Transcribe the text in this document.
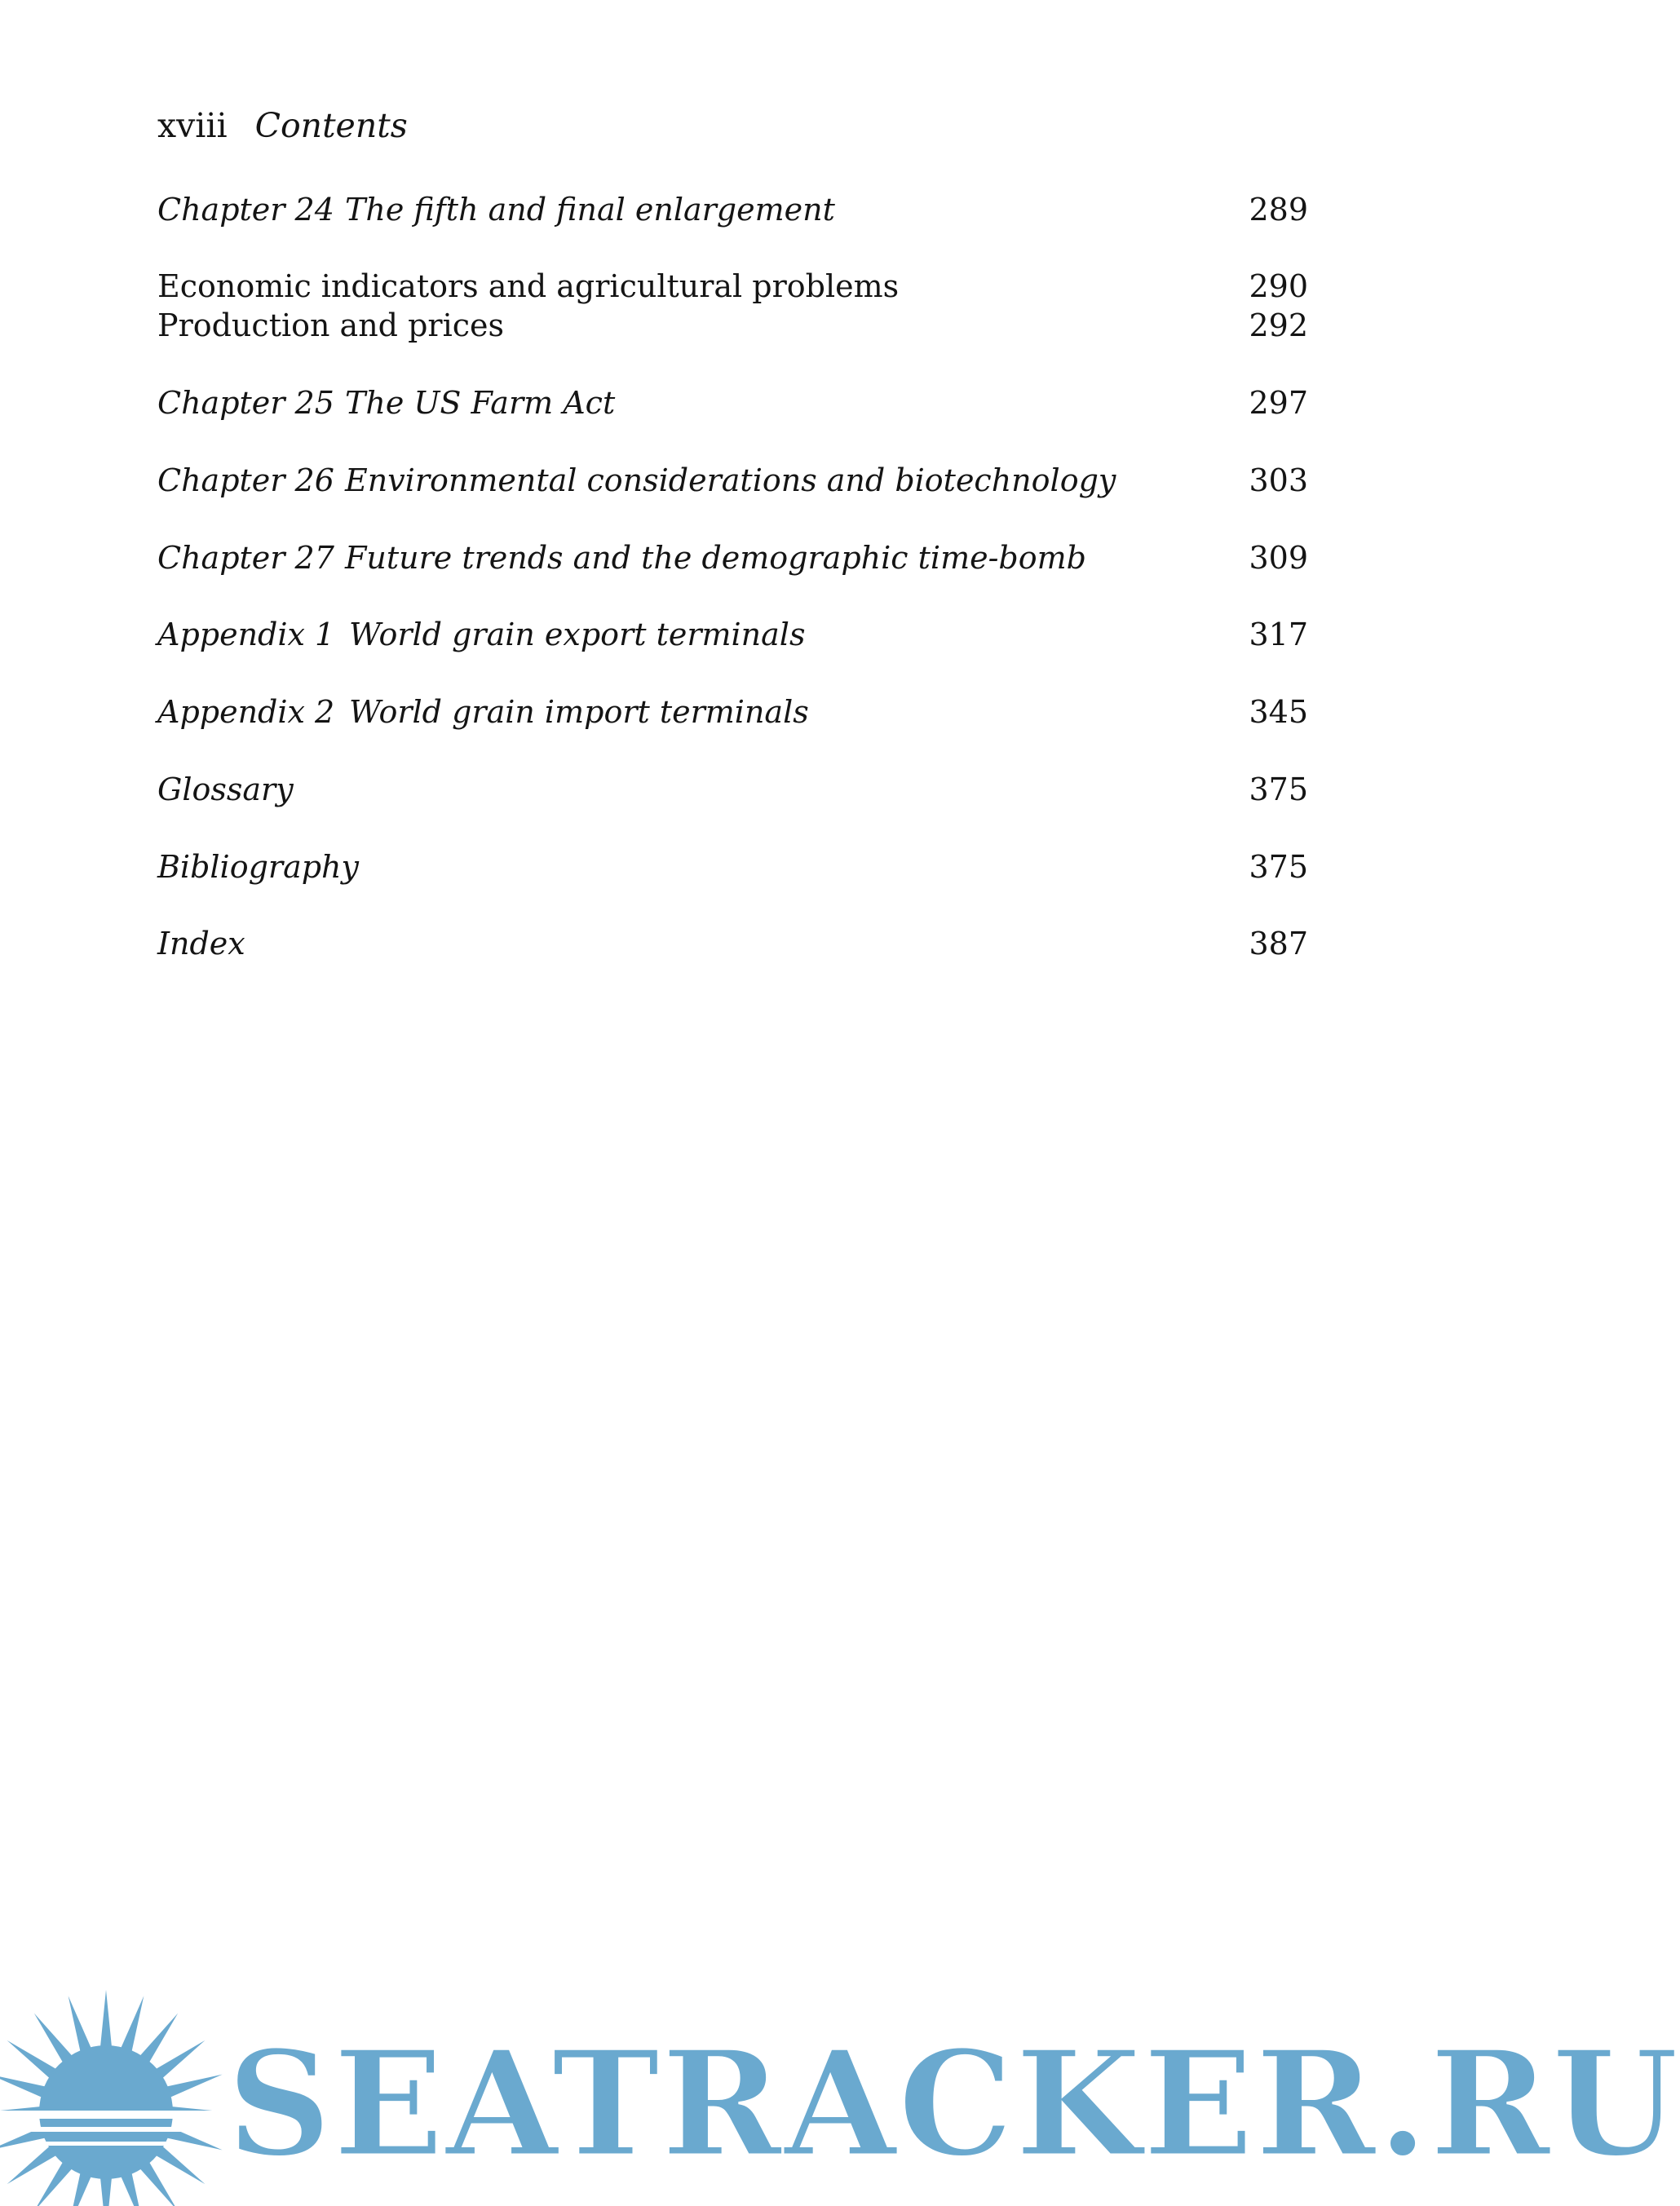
xviii Contents
Chapter 24 The fifth and final enlargement	289
Economic indicators and agricultural problems	290
Production and prices	292
Chapter 25 The US Farm Act	297
Chapter 26 Environmental considerations and biotechnology	303
Chapter 27 Future trends and the demographic time-bomb	309
Appendix 1 World grain export terminals	317
Appendix 2 World grain import terminals	345
Glossary	375
Bibliography	375
Index	387
SEATRACKER.RU
